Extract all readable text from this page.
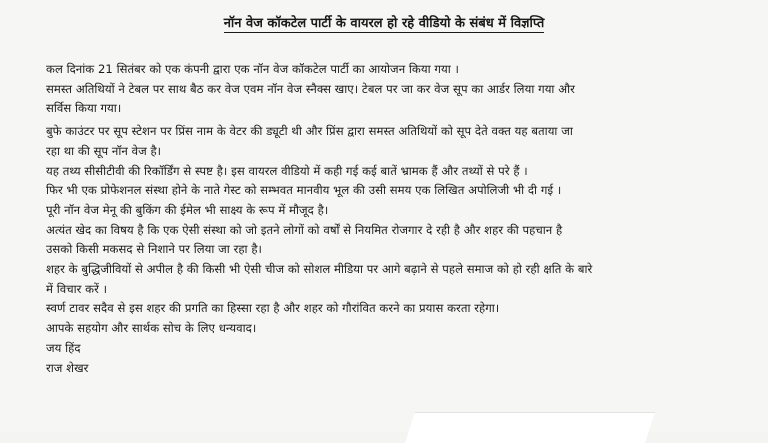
नॉन वेज कॉकटेल पार्टी के वायरल हो रहे वीडियो के संबंध में विज्ञप्ति
कल दिनांक 21 सितंबर को एक कंपनी द्वारा एक नॉन वेज कॉकटेल पार्टी का आयोजन किया गया ।
समस्त अतिथियों ने टेबल पर साथ बैठ कर वेज एवम नॉन वेज स्नैक्स खाए। टेबल पर जा कर वेज सूप का आर्डर लिया गया और
सर्विस किया गया।
बुफे काउंटर पर सूप स्टेशन पर प्रिंस नाम के वेटर की ड्यूटी थी और प्रिंस द्वारा समस्त अतिथियों को सूप देते वक्त यह बताया जा
रहा था की सूप नॉन वेज है।
यह तथ्य सीसीटीवी की रिकॉर्डिंग से स्पष्ट है। इस वायरल वीडियो में कही गई कई बातें भ्रामक हैं और तथ्यों से परे हैं ।
फिर भी एक प्रोफेशनल संस्था होने के नाते गेस्ट को सम्भवत मानवीय भूल की उसी समय एक लिखित अपोलिजी भी दी गई ।
पूरी नॉन वेज मेनू की बुकिंग की ईमेल भी साक्ष्य के रूप में मौजूद है।
अत्यंत खेद का विषय है कि एक ऐसी संस्था को जो इतने लोगों को वर्षों से नियमित रोजगार दे रही है और शहर की पहचान है
उसको किसी मकसद से निशाने पर लिया जा रहा है।
शहर के बुद्धिजीवियों से अपील है की किसी भी ऐसी चीज को सोशल मीडिया पर आगे बढ़ाने से पहले समाज को हो रही क्षति के बारे
में विचार करें ।
स्वर्ण टावर सदैव से इस शहर की प्रगति का हिस्सा रहा है और शहर को गौरांवित करने का प्रयास करता रहेगा।
आपके सहयोग और सार्थक सोच के लिए धन्यवाद।
जय हिंद
राज शेखर
